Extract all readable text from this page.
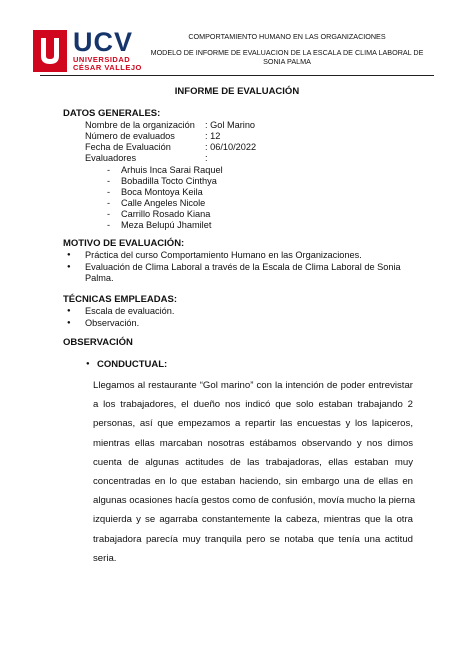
UCV
UNIVERSIDAD
CÉSAR VALLEJO
COMPORTAMIENTO HUMANO EN LAS ORGANIZACIONES
MODELO DE INFORME DE EVALUACION DE LA ESCALA DE CLIMA LABORAL DE
SONIA PALMA
INFORME DE EVALUACIÓN
DATOS GENERALES:
Nombre de la organización : Gol Marino
Número de evaluados	: 12
Fecha de Evaluación	: 06/10/2022
Evaluadores	:
- Arhuis Inca Sarai Raquel
- Bobadilla Tocto Cinthya
- Boca Montoya Keila
- Calle Angeles Nicole
- Carrillo Rosado Kiana
- Meza Belupú Jhamilet
MOTIVO DE EVALUACIÓN:
● Práctica del curso Comportamiento Humano en las Organizaciones.
● Evaluación de Clima Laboral a través de la Escala de Clima Laboral de Sonia
Palma.
TÉCNICAS EMPLEADAS:
● Escala de evaluación.
● Observación.
OBSERVACIÓN
● CONDUCTUAL:
Llegamos al restaurante “Gol marino” con la intención de poder entrevistar
a los trabajadores, el dueño nos indicó que solo estaban trabajando 2
personas, así que empezamos a repartir las encuestas y los lapiceros,
mientras ellas marcaban nosotras estábamos observando y nos dimos
cuenta de algunas actitudes de las trabajadoras, ellas estaban muy
concentradas en lo que estaban haciendo, sin embargo una de ellas en
algunas ocasiones hacía gestos como de confusión, movía mucho la pierna
izquierda y se agarraba constantemente la cabeza, mientras que la otra
trabajadora parecía muy tranquila pero se notaba que tenía una actitud
seria.
